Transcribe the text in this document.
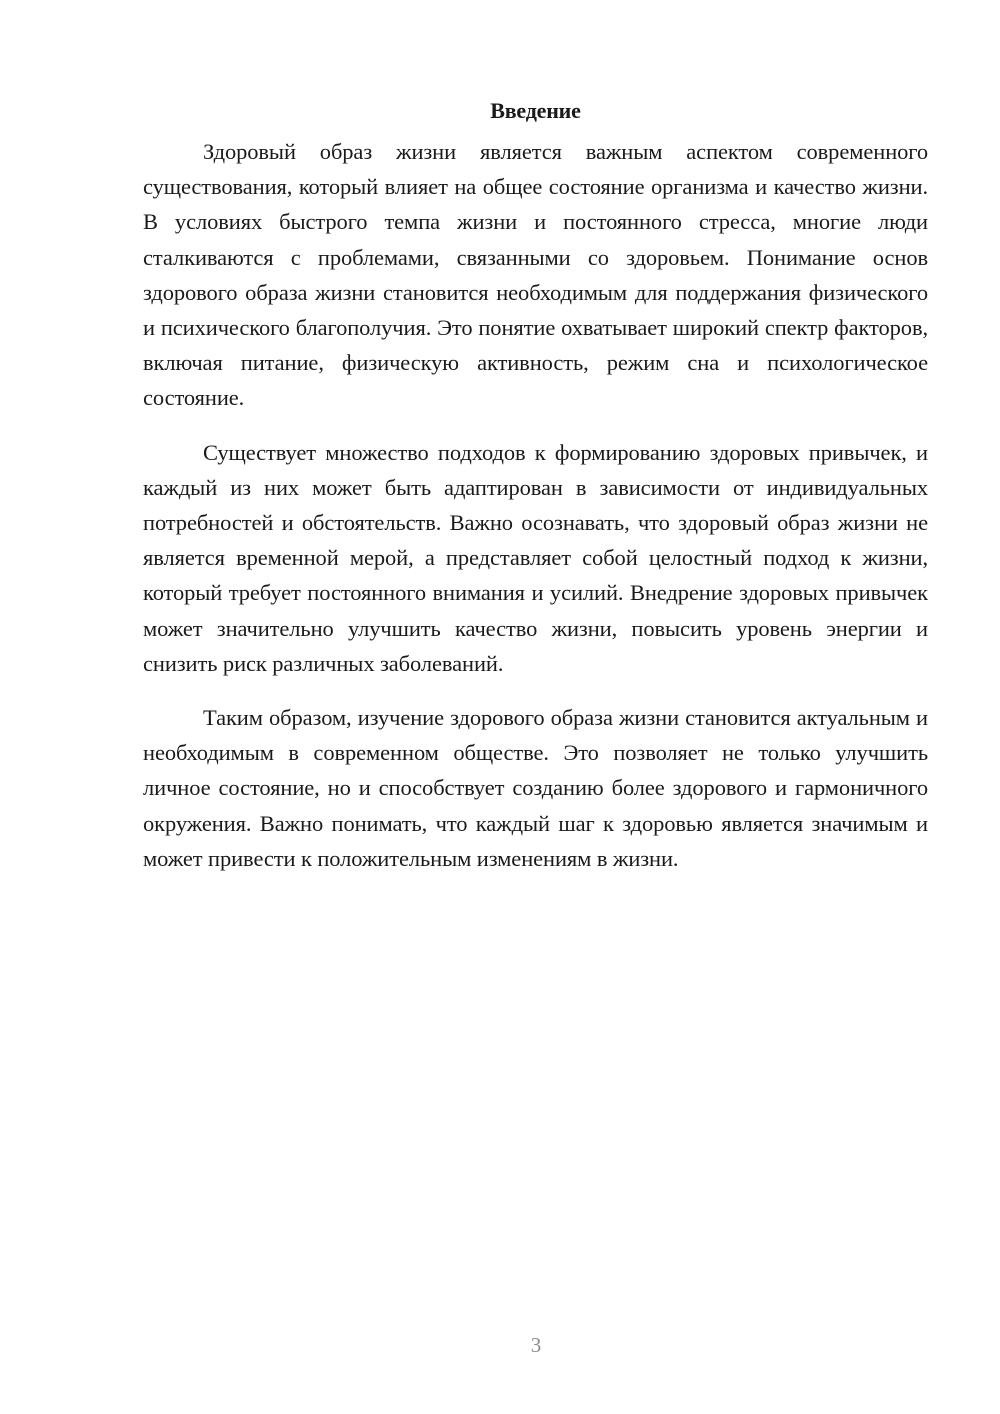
Введение

Здоровый образ жизни является важным аспектом современного существования, который влияет на общее состояние организма и качество жизни. В условиях быстрого темпа жизни и постоянного стресса, многие люди сталкиваются с проблемами, связанными со здоровьем. Понимание основ здорового образа жизни становится необходимым для поддержания физического и психического благополучия. Это понятие охватывает широкий спектр факторов, включая питание, физическую активность, режим сна и психологическое состояние.

Существует множество подходов к формированию здоровых привычек, и каждый из них может быть адаптирован в зависимости от индивидуальных потребностей и обстоятельств. Важно осознавать, что здоровый образ жизни не является временной мерой, а представляет собой целостный подход к жизни, который требует постоянного внимания и усилий. Внедрение здоровых привычек может значительно улучшить качество жизни, повысить уровень энергии и снизить риск различных заболеваний.

Таким образом, изучение здорового образа жизни становится актуальным и необходимым в современном обществе. Это позволяет не только улучшить личное состояние, но и способствует созданию более здорового и гармоничного окружения. Важно понимать, что каждый шаг к здоровью является значимым и может привести к положительным изменениям в жизни.

3
